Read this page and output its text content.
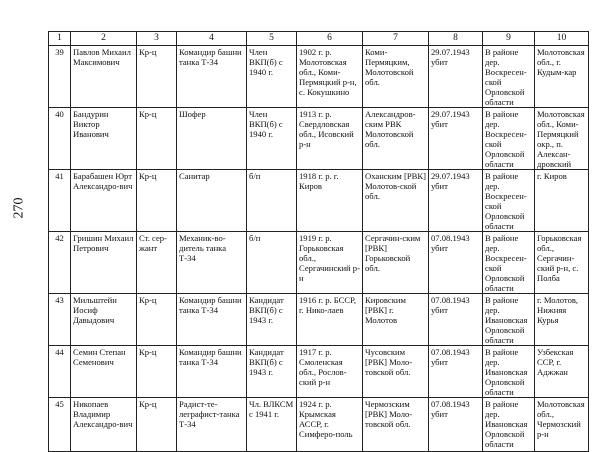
270
1	2	3	4	5	6	7	8	9	10
39	Павлов Михаил Максимович	Кр-ц	Командир башни танка Т-34	Член ВКП(б) с 1940 г.	1902 г. р. Молотовская обл., Коми-Пермяцкий р-н, с. Кокушкино	Коми-Пермяцким, Молотовской обл.	29.07.1943 убит	В районе дер. Воскресен-ской Орловской области	Молотовская обл., г. Кудым-кар
40	Бандурин Виктор Иванович	Кр-ц	Шофер	Член ВКП(б) с 1940 г.	1913 г. р. Свердловская обл., Исовский р-н	Александров-ским РВК Молотовской обл.	29.07.1943 убит	В районе дер. Воскресен-ской Орловской области	Молотовская обл., Коми-Пермяцкий окр., п. Алексан-дровский
41	Барабашен Юрт Александро-вич	Кр-ц	Санитар	б/п	1918 г. р. г. Киров	Оханским [РВК] Молотов-ской обл.	29.07.1943 убит	В районе дер. Воскресен-ской Орловской области	г. Киров
42	Гришин Михаил Петрович	Ст. сер-жант	Механик-во-дитель танка Т-34	б/п	1919 г. р. Горьковская обл., Сергачинский р-н	Сергачин-ским [РВК] Горьковской обл.	07.08.1943 убит	В районе дер. Воскресен-ской Орловской области	Горьковская обл., Сергачин-ский р-н, с. Полба
43	Мильштейн Иосиф Давыдович	Кр-ц	Командир башни танка Т-34	Кандидат ВКП(б) с 1943 г.	1916 г. р. БССР, г. Нико-лаев	Кировским [РВК] г. Молотов	07.08.1943 убит	В районе дер. Ивановская Орловской области	г. Молотов, Нижняя Курья
44	Семин Степан Семенович	Кр-ц	Командир башни танка Т-34	Кандидат ВКП(б) с 1943 г.	1917 г. р. Смоленская обл., Рослов-ский р-н	Чусовским [РВК] Моло-товской обл.	07.08.1943 убит	В районе дер. Ивановская Орловской области	Узбекская ССР, г. Аджжан
45	Никопаев Владимир Александро-вич	Кр-ц	Радист-те-леграфист-танка Т-34	Чл. ВЛКСМ с 1941 г.	1924 г. р. Крымская АССР, г. Симферо-поль	Чермозским [РВК] Моло-товской обл.	07.08.1943 убит	В районе дер. Ивановская Орловской области	Молотовская обл., Чермозский р-н
